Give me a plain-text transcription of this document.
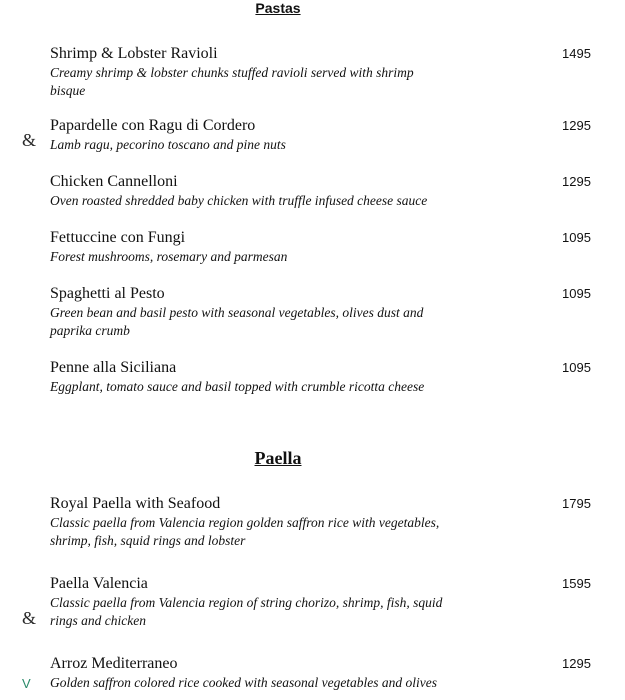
Pastas
Shrimp & Lobster Ravioli
Creamy shrimp & lobster chunks stuffed ravioli served with shrimp
bisque
1495
&
Papardelle con Ragu di Cordero
Lamb ragu, pecorino toscano and pine nuts
1295
Chicken Cannelloni
Oven roasted shredded baby chicken with truffle infused cheese sauce
1295
Fettuccine con Fungi
Forest mushrooms, rosemary and parmesan
1095
Spaghetti al Pesto
Green bean and basil pesto with seasonal vegetables, olives dust and
paprika crumb
1095
Penne alla Siciliana
Eggplant, tomato sauce and basil topped with crumble ricotta cheese
1095
Paella
Royal Paella with Seafood
Classic paella from Valencia region golden saffron rice with vegetables,
shrimp, fish, squid rings and lobster
1795
&
Paella Valencia
Classic paella from Valencia region of string chorizo, shrimp, fish, squid
rings and chicken
1595
V
Arroz Mediterraneo
Golden saffron colored rice cooked with seasonal vegetables and olives
1295
